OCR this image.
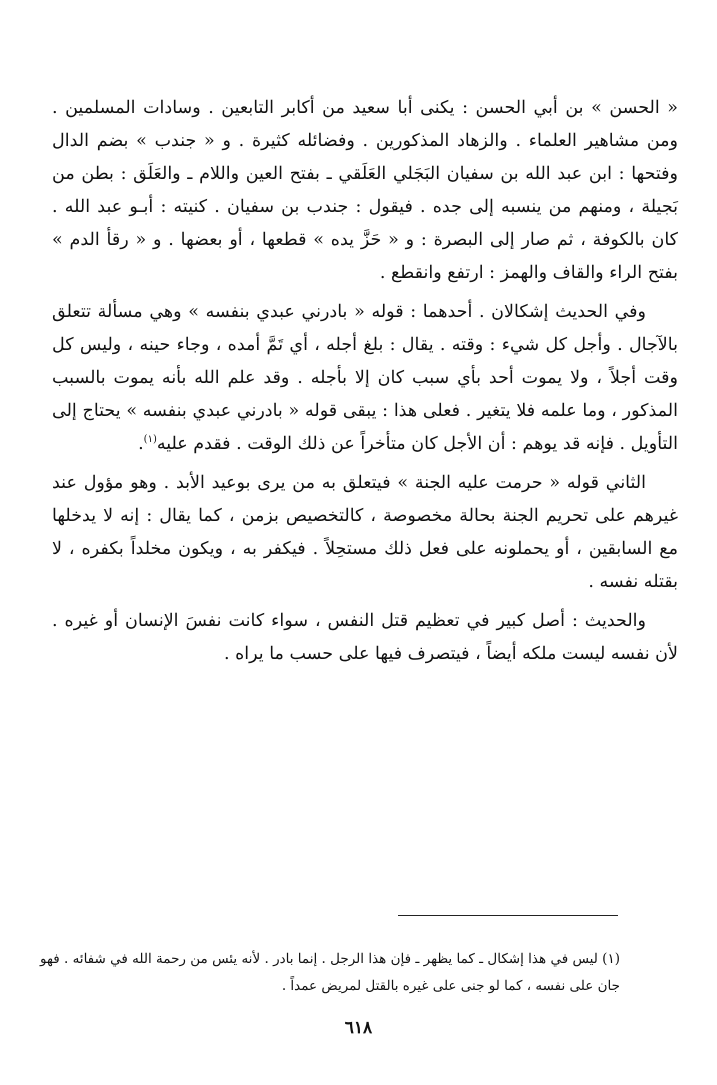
« الحسن » بن أبي الحسن : يكنى أبا سعيد من أكابر التابعين . وسادات المسلمين . ومن مشاهير العلماء . والزهاد المذكورين . وفضائله كثيرة . و « جندب » بضم الدال وفتحها : ابن عبد الله بن سفيان البَجَلي العَلَقي ـ بفتح العين واللام ـ والعَلَق : بطن من بَجيلة ، ومنهم من ينسبه إلى جده . فيقول : جندب بن سفيان . كنيته : أبـو عبد الله . كان بالكوفة ، ثم صار إلى البصرة : و « حَزَّ يده » قطعها ، أو بعضها . و « رقأ الدم » بفتح الراء والقاف والهمز : ارتفع وانقطع .

وفي الحديث إشكالان . أحدهما : قوله « بادرني عبدي بنفسه » وهي مسألة تتعلق بالآجال . وأجل كل شيء : وقته . يقال : بلغ أجله ، أي تَمَّ أمده ، وجاء حينه ، وليس كل وقت أجلاً ، ولا يموت أحد بأي سبب كان إلا بأجله . وقد علم الله بأنه يموت بالسبب المذكور ، وما علمه فلا يتغير . فعلى هذا : يبقى قوله « بادرني عبدي بنفسه » يحتاج إلى التأويل . فإنه قد يوهم : أن الأجل كان متأخراً عن ذلك الوقت . فقدم عليه$^{(١)}$.

الثاني قوله « حرمت عليه الجنة » فيتعلق به من يرى بوعيد الأبد . وهو مؤول عند غيرهم على تحريم الجنة بحالة مخصوصة ، كالتخصيص بزمن ، كما يقال : إنه لا يدخلها مع السابقين ، أو يحملونه على فعل ذلك مستحِلاً . فيكفر به ، ويكون مخلداً بكفره ، لا بقتله نفسه .

والحديث : أصل كبير في تعظيم قتل النفس ، سواء كانت نفسَ الإنسان أو غيره . لأن نفسه ليست ملكه أيضاً ، فيتصرف فيها على حسب ما يراه .

(١) ليس في هذا إشكال ـ كما يظهر ـ فإن هذا الرجل . إنما بادر . لأنه يئس من رحمة الله في شفائه . فهو جان على نفسه ، كما لو جنى على غيره بالقتل لمريض عمداً .

٦١٨
